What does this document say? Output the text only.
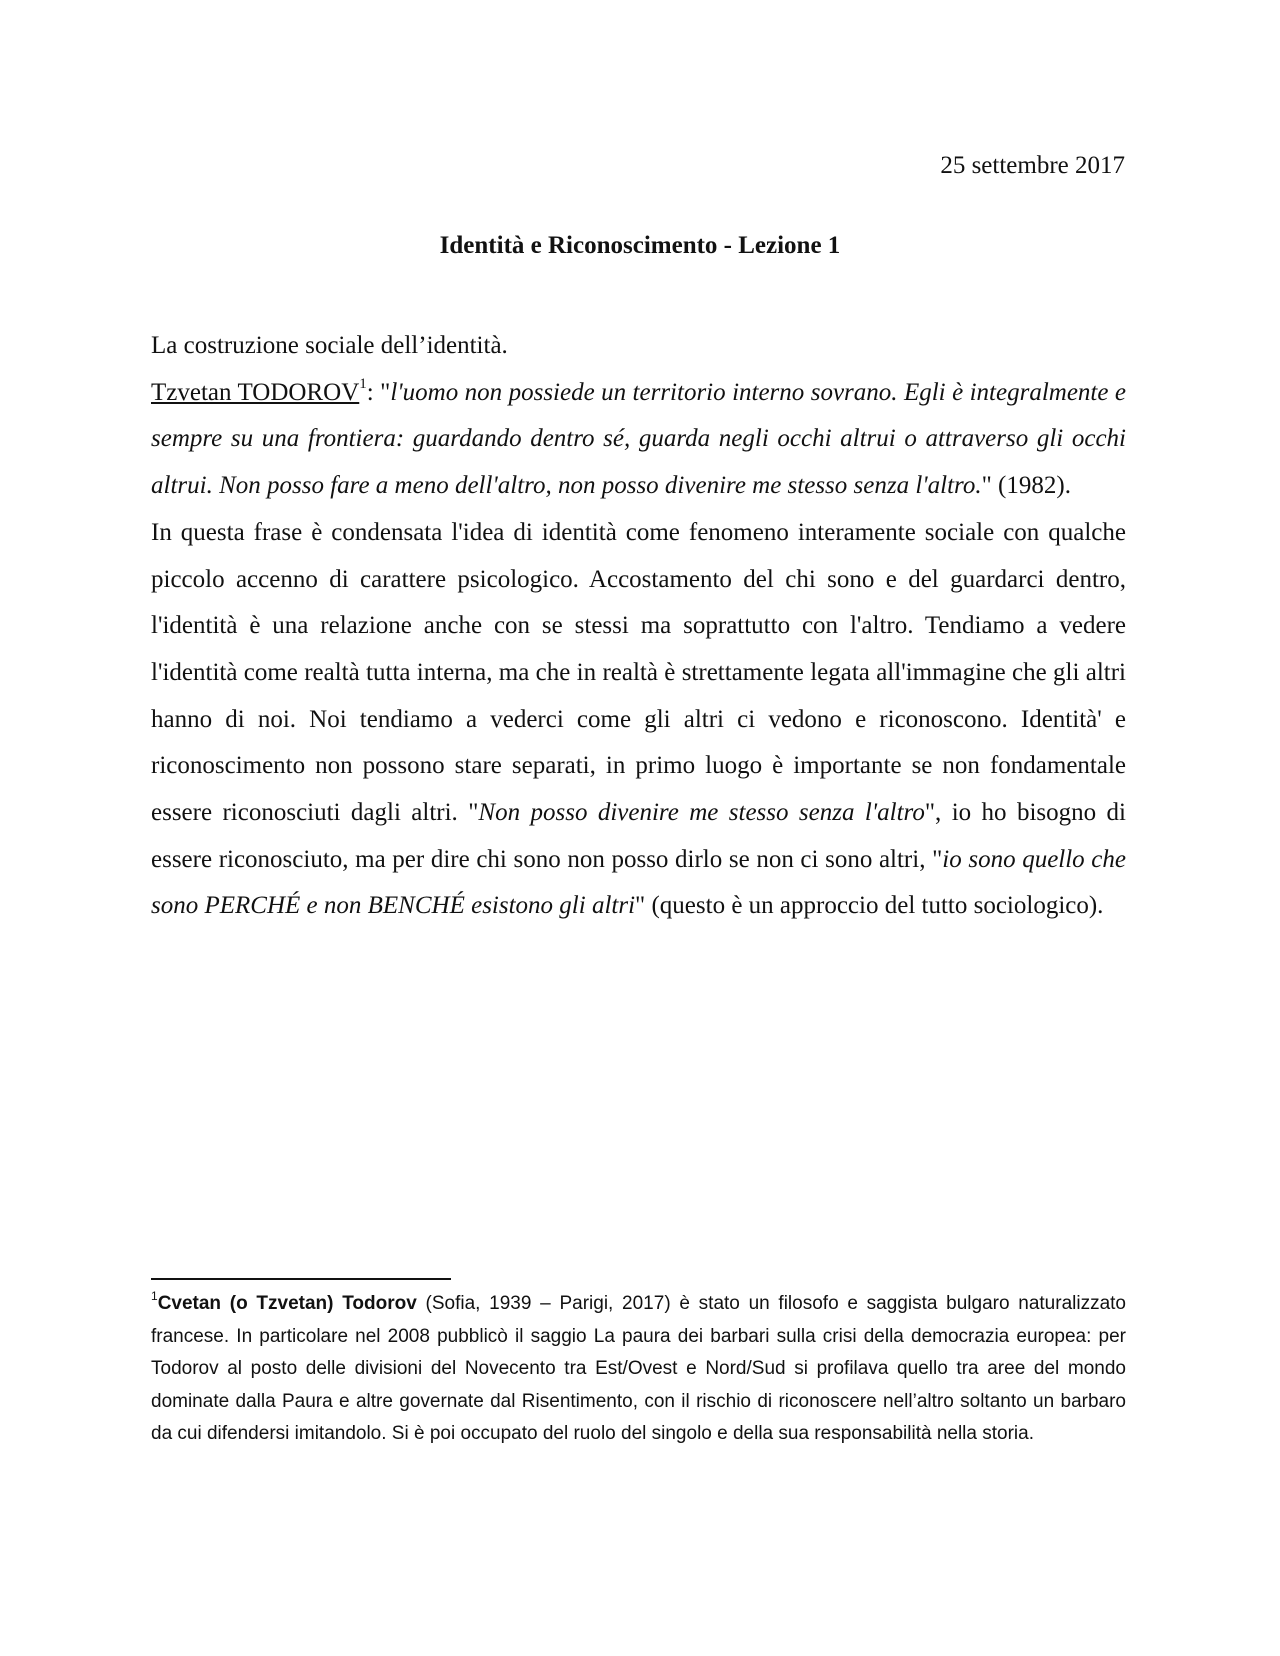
25 settembre 2017
Identità e Riconoscimento - Lezione 1
La costruzione sociale dell’identità.

Tzvetan TODOROV$^1$: "l'uomo non possiede un territorio interno sovrano. Egli è integralmente e sempre su una frontiera: guardando dentro sé, guarda negli occhi altrui o attraverso gli occhi altrui. Non posso fare a meno dell'altro, non posso divenire me stesso senza l'altro." (1982).

In questa frase è condensata l'idea di identità come fenomeno interamente sociale con qualche piccolo accenno di carattere psicologico. Accostamento del chi sono e del guardarci dentro, l'identità è una relazione anche con se stessi ma soprattutto con l'altro. Tendiamo a vedere l'identità come realtà tutta interna, ma che in realtà è strettamente legata all'immagine che gli altri hanno di noi. Noi tendiamo a vederci come gli altri ci vedono e riconoscono. Identità' e riconoscimento non possono stare separati, in primo luogo è importante se non fondamentale essere riconosciuti dagli altri. "Non posso divenire me stesso senza l'altro", io ho bisogno di essere riconosciuto, ma per dire chi sono non posso dirlo se non ci sono altri, "io sono quello che sono PERCHÉ e non BENCHÉ esistono gli altri" (questo è un approccio del tutto sociologico).

$^1$Cvetan (o Tzvetan) Todorov (Sofia, 1939 – Parigi, 2017) è stato un filosofo e saggista bulgaro naturalizzato francese. In particolare nel 2008 pubblicò il saggio La paura dei barbari sulla crisi della democrazia europea: per Todorov al posto delle divisioni del Novecento tra Est/Ovest e Nord/Sud si profilava quello tra aree del mondo dominate dalla Paura e altre governate dal Risentimento, con il rischio di riconoscere nell’altro soltanto un barbaro da cui difendersi imitandolo. Si è poi occupato del ruolo del singolo e della sua responsabilità nella storia.
